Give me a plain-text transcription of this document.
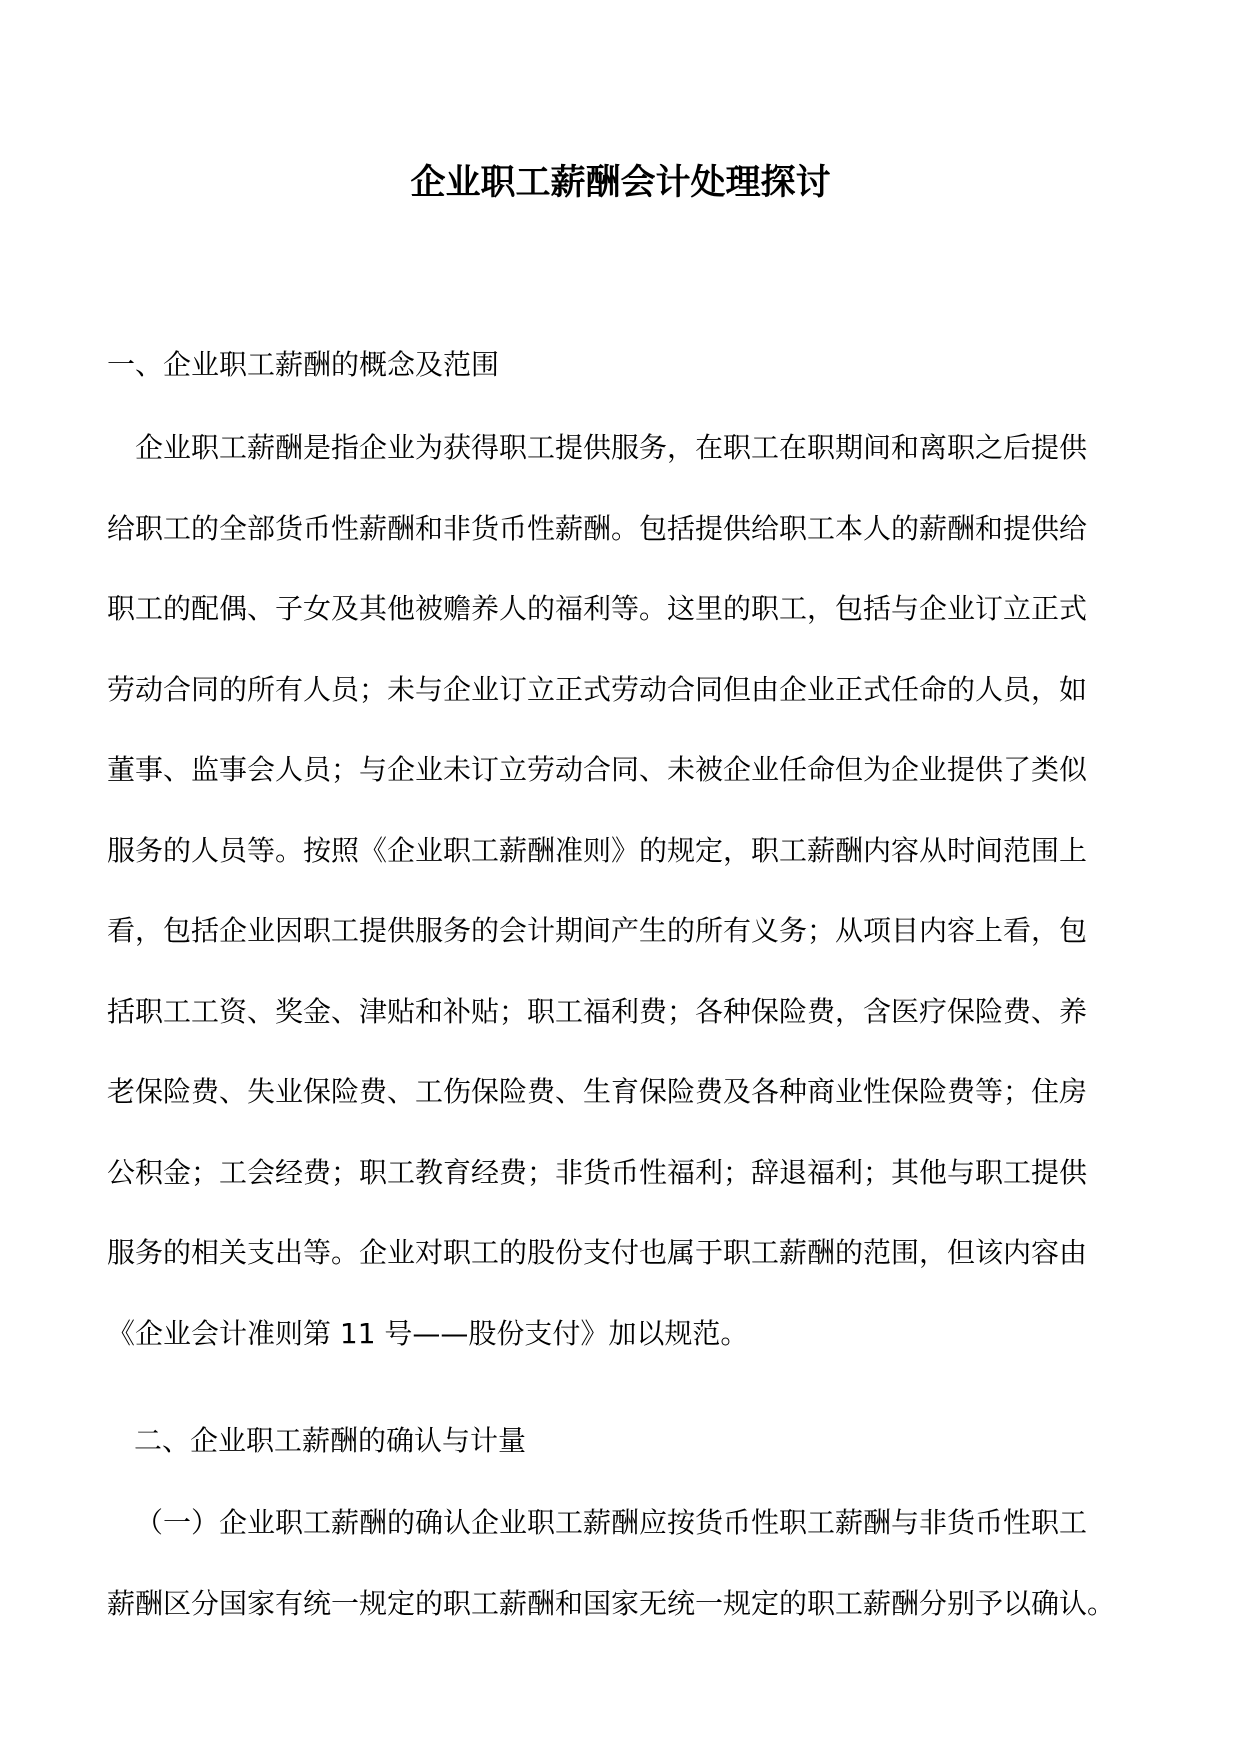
企业职工薪酬会计处理探讨
一、企业职工薪酬的概念及范围
企业职工薪酬是指企业为获得职工提供服务，在职工在职期间和离职之后提供
给职工的全部货币性薪酬和非货币性薪酬。包括提供给职工本人的薪酬和提供给
职工的配偶、子女及其他被赡养人的福利等。这里的职工，包括与企业订立正式
劳动合同的所有人员；未与企业订立正式劳动合同但由企业正式任命的人员，如
董事、监事会人员；与企业未订立劳动合同、未被企业任命但为企业提供了类似
服务的人员等。按照《企业职工薪酬准则》的规定，职工薪酬内容从时间范围上
看，包括企业因职工提供服务的会计期间产生的所有义务；从项目内容上看，包
括职工工资、奖金、津贴和补贴；职工福利费；各种保险费，含医疗保险费、养
老保险费、失业保险费、工伤保险费、生育保险费及各种商业性保险费等；住房
公积金；工会经费；职工教育经费；非货币性福利；辞退福利；其他与职工提供
服务的相关支出等。企业对职工的股份支付也属于职工薪酬的范围，但该内容由
《企业会计准则第 11 号——股份支付》加以规范。
二、企业职工薪酬的确认与计量
（一）企业职工薪酬的确认企业职工薪酬应按货币性职工薪酬与非货币性职工
薪酬区分国家有统一规定的职工薪酬和国家无统一规定的职工薪酬分别予以确认。
